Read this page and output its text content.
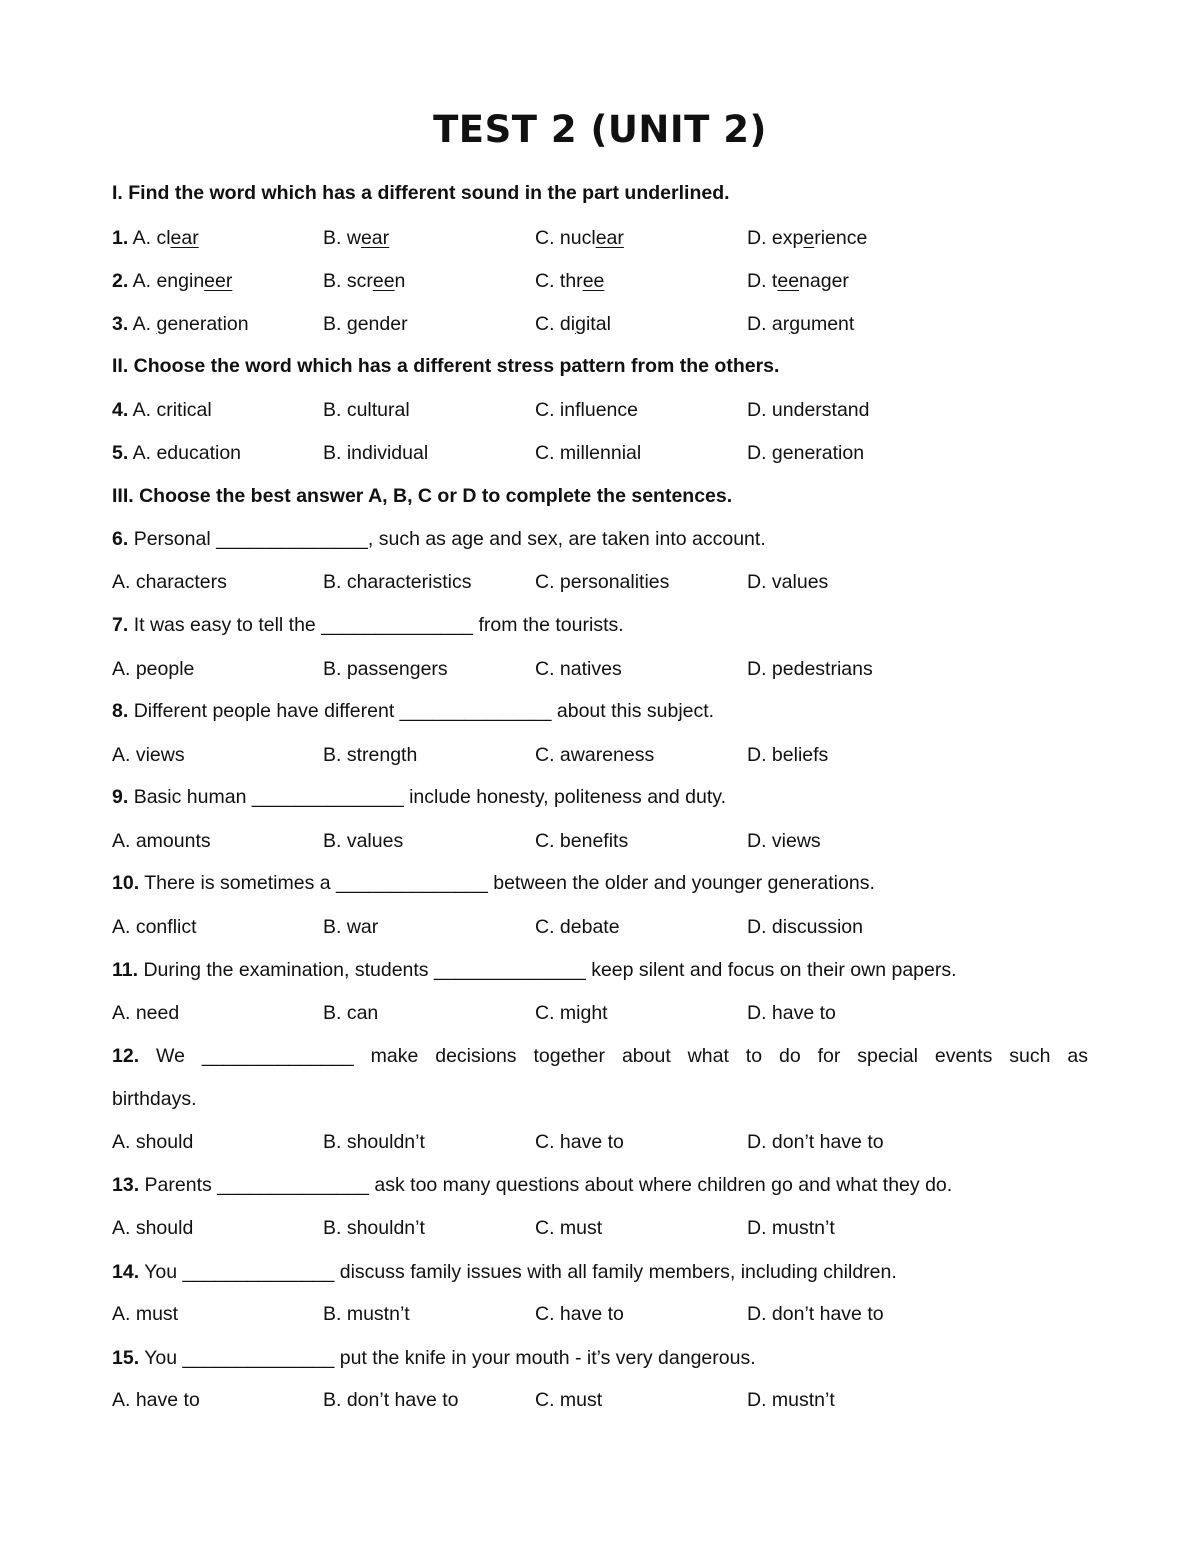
TEST 2 (UNIT 2)
I. Find the word which has a different sound in the part underlined.
1. A. clear	B. wear	C. nuclear	D. experience
2. A. engineer	B. screen	C. three	D. teenager
3. A. generation	B. gender	C. digital	D. argument
II. Choose the word which has a different stress pattern from the others.
4. A. critical	B. cultural	C. influence	D. understand
5. A. education	B. individual	C. millennial	D. generation
III. Choose the best answer A, B, C or D to complete the sentences.
6. Personal ______________, such as age and sex, are taken into account.
A. characters	B. characteristics	C. personalities	D. values
7. It was easy to tell the ______________ from the tourists.
A. people	B. passengers	C. natives	D. pedestrians
8. Different people have different ______________ about this subject.
A. views	B. strength	C. awareness	D. beliefs
9. Basic human ______________ include honesty, politeness and duty.
A. amounts	B. values	C. benefits	D. views
10. There is sometimes a ______________ between the older and younger generations.
A. conflict	B. war	C. debate	D. discussion
11. During the examination, students ______________ keep silent and focus on their own papers.
A. need	B. can	C. might	D. have to
12. We ______________ make decisions together about what to do for special events such as
birthdays.
A. should	B. shouldn’t	C. have to	D. don’t have to
13. Parents ______________ ask too many questions about where children go and what they do.
A. should	B. shouldn’t	C. must	D. mustn’t
14. You ______________ discuss family issues with all family members, including children.
A. must	B. mustn’t	C. have to	D. don’t have to
15. You ______________ put the knife in your mouth - it’s very dangerous.
A. have to	B. don’t have to	C. must	D. mustn’t
